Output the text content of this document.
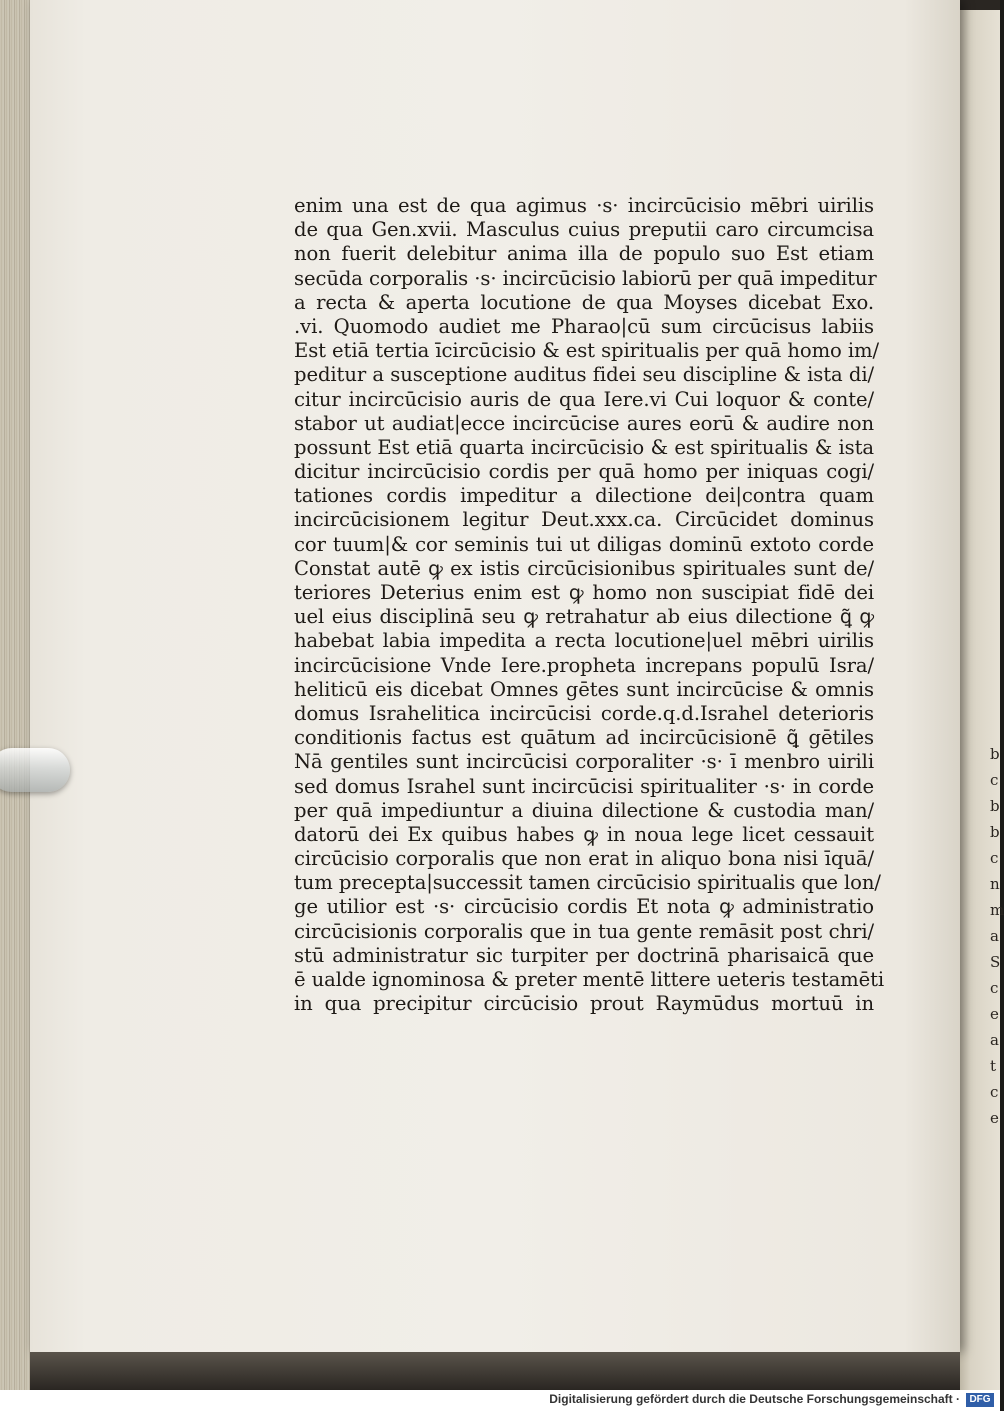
b
c
b
b
c
n
m
a
S
c
e
a
t
c
e
enim una est de qua agimus ·s· incircūcisio mēbri uirilis
de qua Gen.xvii. Masculus cuius preputii caro circumcisa
non fuerit delebitur anima illa de populo suo Est etiam
secūda corporalis ·s· incircūcisio labiorū per quā impeditur
a recta & aperta locutione de qua Moyses dicebat Exo.
.vi. Quomodo audiet me Pharao|cū sum circūcisus labiis
Est etiā tertia īcircūcisio & est spiritualis per quā homo im/
peditur a susceptione auditus fidei seu discipline & ista di/
citur incircūcisio auris de qua Iere.vi Cui loquor & conte/
stabor ut audiat|ecce incircūcise aures eorū & audire non
possunt Est etiā quarta incircūcisio & est spiritualis & ista
dicitur incircūcisio cordis per quā homo per iniquas cogi/
tationes cordis impeditur a dilectione dei|contra quam
incircūcisionem legitur Deut.xxx.ca. Circūcidet dominus
cor tuum|& cor seminis tui ut diligas dominū extoto corde
Constat autē ꝙ ex istis circūcisionibus spirituales sunt de/
teriores Deterius enim est ꝙ homo non suscipiat fidē dei
uel eius disciplinā seu ꝙ retrahatur ab eius dilectione ꝗ̃ ꝙ
habebat labia impedita a recta locutione|uel mēbri uirilis
incircūcisione Vnde Iere.propheta increpans populū Isra/
heliticū eis dicebat Omnes gētes sunt incircūcise & omnis
domus Israhelitica incircūcisi corde.q.d.Israhel deterioris
conditionis factus est quātum ad incircūcisionē ꝗ̃ gētiles
Nā gentiles sunt incircūcisi corporaliter ·s· ī menbro uirili
sed domus Israhel sunt incircūcisi spiritualiter ·s· in corde
per quā impediuntur a diuina dilectione & custodia man/
datorū dei Ex quibus habes ꝙ in noua lege licet cessauit
circūcisio corporalis que non erat in aliquo bona nisi īquā/
tum precepta|successit tamen circūcisio spiritualis que lon/
ge utilior est ·s· circūcisio cordis Et nota ꝙ administratio
circūcisionis corporalis que in tua gente remāsit post chri/
stū administratur sic turpiter per doctrinā pharisaicā que
ē ualde ignominosa & preter mentē littere ueteris testamēti
in qua precipitur circūcisio prout Raymūdus mortuū in
Digitalisierung gefördert durch die Deutsche Forschungsgemeinschaft · DFG
